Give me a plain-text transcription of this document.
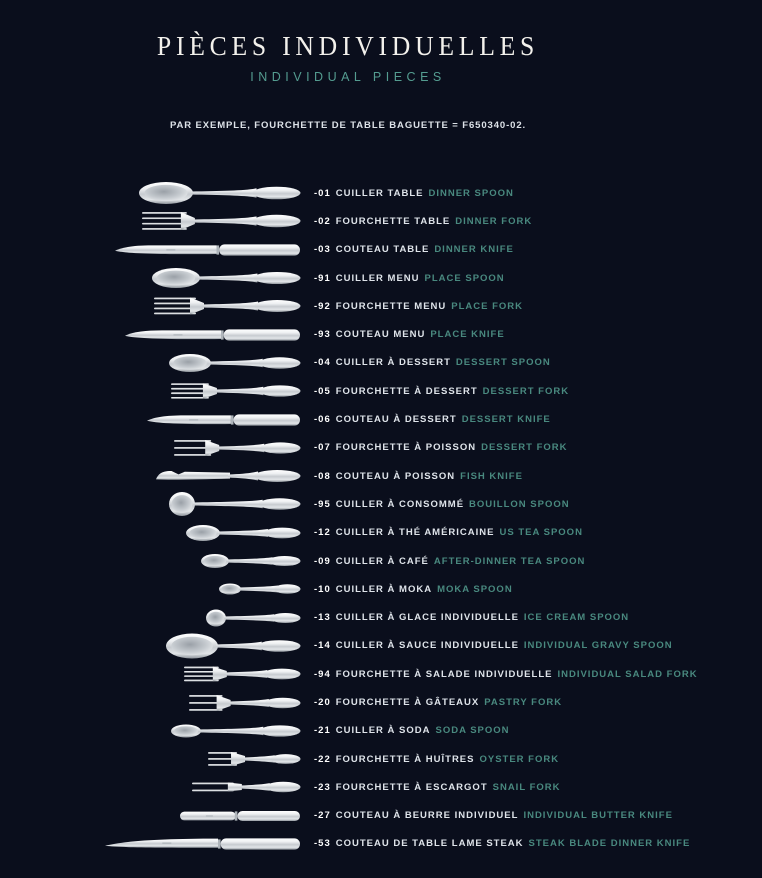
PIÈCES INDIVIDUELLES
INDIVIDUAL PIECES
PAR EXEMPLE, FOURCHETTE DE TABLE BAGUETTE = F650340-02.
-01 CUILLER TABLE DINNER SPOON
-02 FOURCHETTE TABLE DINNER FORK
-03 COUTEAU TABLE DINNER KNIFE
-91 CUILLER MENU PLACE SPOON
-92 FOURCHETTE MENU PLACE FORK
-93 COUTEAU MENU PLACE KNIFE
-04 CUILLER À DESSERT DESSERT SPOON
-05 FOURCHETTE À DESSERT DESSERT FORK
-06 COUTEAU À DESSERT DESSERT KNIFE
-07 FOURCHETTE À POISSON DESSERT FORK
-08 COUTEAU À POISSON FISH KNIFE
-95 CUILLER À CONSOMMÉ BOUILLON SPOON
-12 CUILLER À THÉ AMÉRICAINE US TEA SPOON
-09 CUILLER À CAFÉ AFTER-DINNER TEA SPOON
-10 CUILLER À MOKA MOKA SPOON
-13 CUILLER À GLACE INDIVIDUELLE ICE CREAM SPOON
-14 CUILLER À SAUCE INDIVIDUELLE INDIVIDUAL GRAVY SPOON
-94 FOURCHETTE À SALADE INDIVIDUELLE INDIVIDUAL SALAD FORK
-20 FOURCHETTE À GÂTEAUX PASTRY FORK
-21 CUILLER À SODA SODA SPOON
-22 FOURCHETTE À HUÎTRES OYSTER FORK
-23 FOURCHETTE À ESCARGOT SNAIL FORK
-27 COUTEAU À BEURRE INDIVIDUEL INDIVIDUAL BUTTER KNIFE
-53 COUTEAU DE TABLE LAME STEAK STEAK BLADE DINNER KNIFE
